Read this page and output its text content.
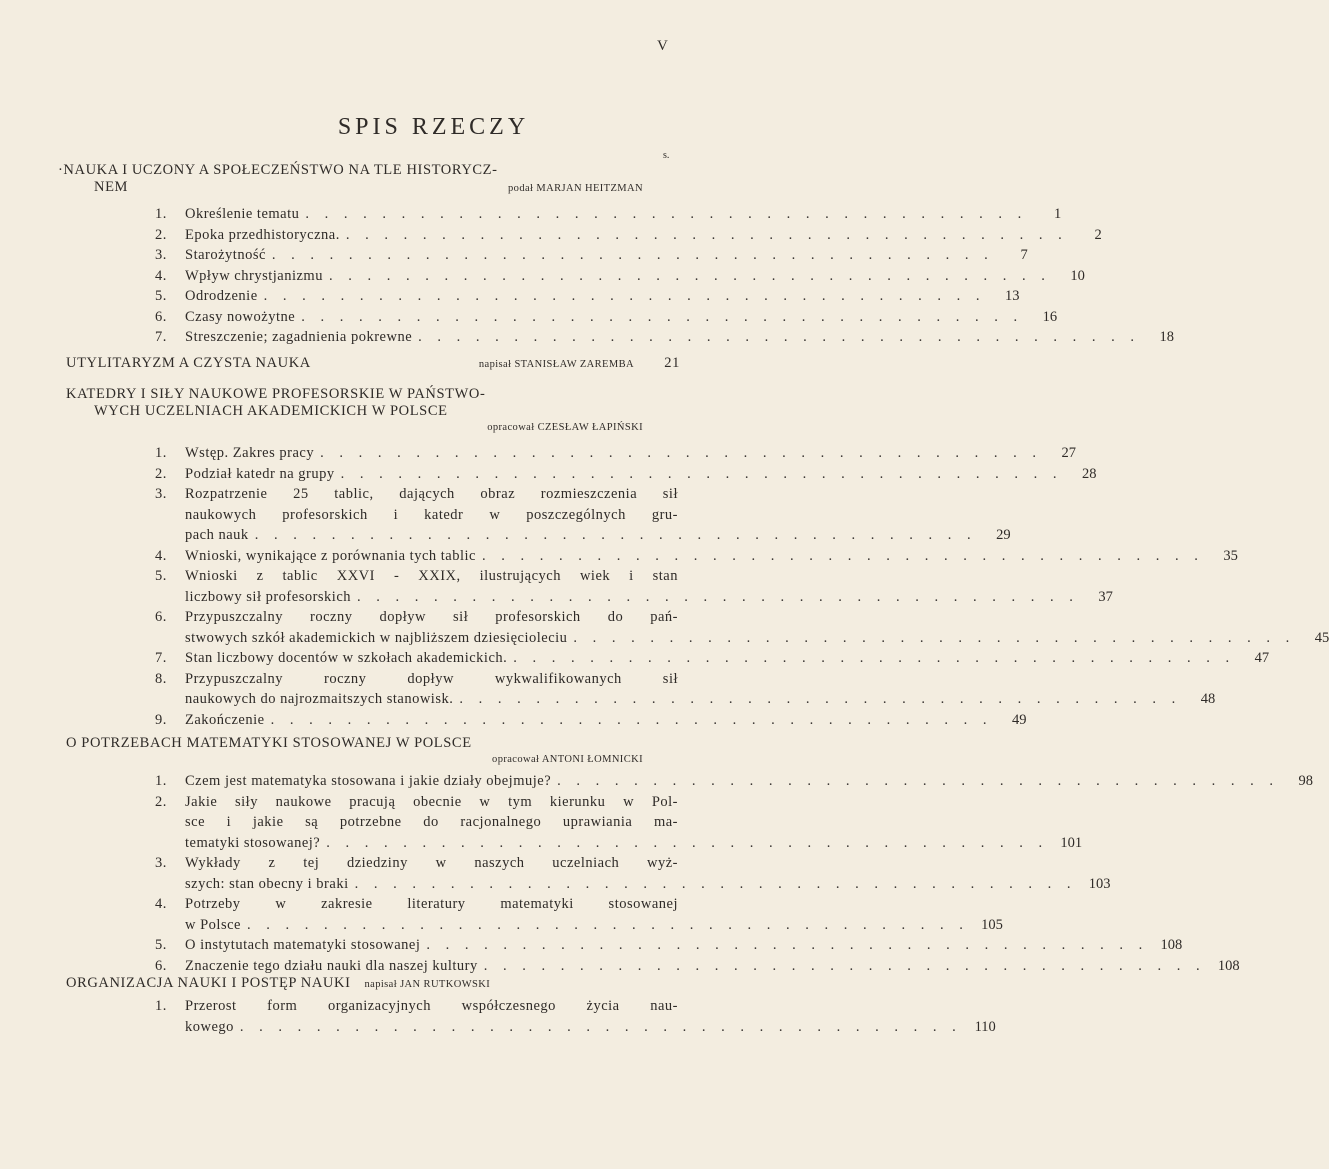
V
SPIS RZECZY
s.
·NAUKA I UCZONY A SPOŁECZEŃSTWO NA TLE HISTORYCZ-
NEM	podał MARJAN HEITZMAN
1.	Określenie tematu . . . . . . . . . . . . . . . . . . . . . . . . . . . . . . . . . . . . . .	1
2.	Epoka przedhistoryczna. . . . . . . . . . . . . . . . . . . . . . . . . . . . . . . . . . . . . . .	2
3.	Starożytność . . . . . . . . . . . . . . . . . . . . . . . . . . . . . . . . . . . . . .	7
4.	Wpływ chrystjanizmu . . . . . . . . . . . . . . . . . . . . . . . . . . . . . . . . . . . . . .	10
5.	Odrodzenie . . . . . . . . . . . . . . . . . . . . . . . . . . . . . . . . . . . . . .	13
6.	Czasy nowożytne . . . . . . . . . . . . . . . . . . . . . . . . . . . . . . . . . . . . . .	16
7.	Streszczenie; zagadnienia pokrewne . . . . . . . . . . . . . . . . . . . . . . . . . . . . . . . . . . . . . .	18
UTYLITARYZM A CZYSTA NAUKA	napisał STANISŁAW ZAREMBA	21
KATEDRY I SIŁY NAUKOWE PROFESORSKIE W PAŃSTWO-
WYCH UCZELNIACH AKADEMICKICH W POLSCE
opracował CZESŁAW ŁAPIŃSKI
1.	Wstęp. Zakres pracy . . . . . . . . . . . . . . . . . . . . . . . . . . . . . . . . . . . . . .	27
2.	Podział katedr na grupy . . . . . . . . . . . . . . . . . . . . . . . . . . . . . . . . . . . . . .	28
3.	Rozpatrzenie 25 tablic, dających obraz rozmieszczenia sił
naukowych profesorskich i katedr w poszczególnych gru-
pach nauk . . . . . . . . . . . . . . . . . . . . . . . . . . . . . . . . . . . . . .	29
4.	Wnioski, wynikające z porównania tych tablic . . . . . . . . . . . . . . . . . . . . . . . . . . . . . . . . . . . . . .	35
5.	Wnioski z tablic XXVI - XXIX, ilustrujących wiek i stan
liczbowy sił profesorskich . . . . . . . . . . . . . . . . . . . . . . . . . . . . . . . . . . . . . .	37
6.	Przypuszczalny roczny dopływ sił profesorskich do pań-
stwowych szkół akademickich w najbliższem dziesięcioleciu . . . . . . . . . . . . . . . . . . . . . . . . . . . . . . . . . . . . . .	45
7.	Stan liczbowy docentów w szkołach akademickich. . . . . . . . . . . . . . . . . . . . . . . . . . . . . . . . . . . . . . .	47
8.	Przypuszczalny roczny dopływ wykwalifikowanych sił
naukowych do najrozmaitszych stanowisk. . . . . . . . . . . . . . . . . . . . . . . . . . . . . . . . . . . . . . .	48
9.	Zakończenie . . . . . . . . . . . . . . . . . . . . . . . . . . . . . . . . . . . . . .	49
O POTRZEBACH MATEMATYKI STOSOWANEJ W POLSCE
opracował ANTONI ŁOMNICKI
1.	Czem jest matematyka stosowana i jakie działy obejmuje? . . . . . . . . . . . . . . . . . . . . . . . . . . . . . . . . . . . . . .	98
2.	Jakie siły naukowe pracują obecnie w tym kierunku w Pol-
sce i jakie są potrzebne do racjonalnego uprawiania ma-
tematyki stosowanej? . . . . . . . . . . . . . . . . . . . . . . . . . . . . . . . . . . . . . . 101
3.	Wykłady z tej dziedziny w naszych uczelniach wyż-
szych: stan obecny i braki . . . . . . . . . . . . . . . . . . . . . . . . . . . . . . . . . . . . . . 103
4.	Potrzeby w zakresie literatury matematyki stosowanej
w Polsce . . . . . . . . . . . . . . . . . . . . . . . . . . . . . . . . . . . . . . 105
5.	O instytutach matematyki stosowanej . . . . . . . . . . . . . . . . . . . . . . . . . . . . . . . . . . . . . . 108
6.	Znaczenie tego działu nauki dla naszej kultury . . . . . . . . . . . . . . . . . . . . . . . . . . . . . . . . . . . . . . 108
ORGANIZACJA NAUKI I POSTĘP NAUKI napisał JAN RUTKOWSKI
1.	Przerost form organizacyjnych współczesnego życia nau-
kowego . . . . . . . . . . . . . . . . . . . . . . . . . . . . . . . . . . . . . . 110
